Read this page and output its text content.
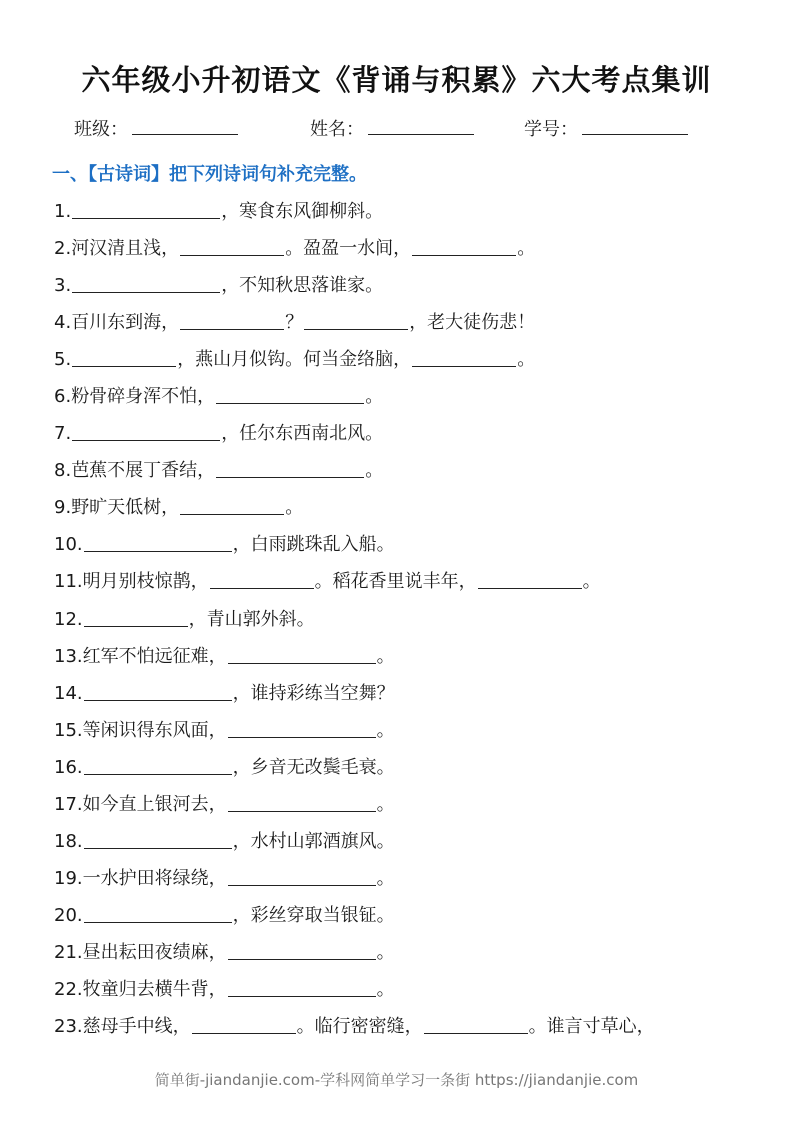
六年级小升初语文《背诵与积累》六大考点集训
班级：	姓名：	学号：
一、【古诗词】把下列诗词句补充完整。
1.	，寒食东风御柳斜。
2.河汉清且浅，	。盈盈一水间，	。
3.	，不知秋思落谁家。
4.百川东到海，	？	，老大徒伤悲！
5.	，燕山月似钩。何当金络脑，	。
6.粉骨碎身浑不怕，	。
7.	，任尔东西南北风。
8.芭蕉不展丁香结，	。
9.野旷天低树，	。
10.	，白雨跳珠乱入船。
11.明月别枝惊鹊，	。稻花香里说丰年，	。
12.	，青山郭外斜。
13.红军不怕远征难，	。
14.	，谁持彩练当空舞？
15.等闲识得东风面，	。
16.	，乡音无改鬓毛衰。
17.如今直上银河去，	。
18.	，水村山郭酒旗风。
19.一水护田将绿绕，	。
20.	，彩丝穿取当银钲。
21.昼出耘田夜绩麻，	。
22.牧童归去横牛背，	。
23.慈母手中线，	。临行密密缝，	。谁言寸草心，

简单街-jiandanjie.com-学科网简单学习一条街 https://jiandanjie.com
